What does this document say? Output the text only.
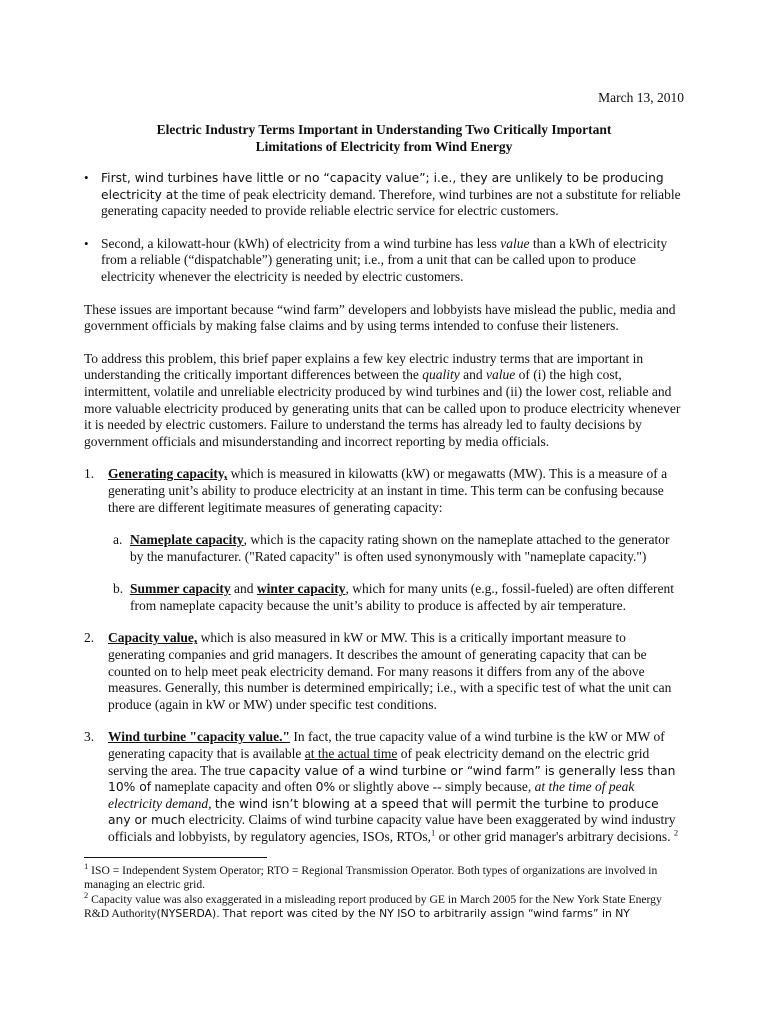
March 13, 2010
Electric Industry Terms Important in Understanding Two Critically Important
Limitations of Electricity from Wind Energy
• First, wind turbines have little or no “capacity value”; i.e., they are unlikely to be producing electricity at the time of peak electricity demand. Therefore, wind turbines are not a substitute for reliable generating capacity needed to provide reliable electric service for electric customers.
• Second, a kilowatt-hour (kWh) of electricity from a wind turbine has less value than a kWh of electricity from a reliable (“dispatchable”) generating unit; i.e., from a unit that can be called upon to produce electricity whenever the electricity is needed by electric customers.

These issues are important because “wind farm” developers and lobbyists have mislead the public, media and government officials by making false claims and by using terms intended to confuse their listeners.

To address this problem, this brief paper explains a few key electric industry terms that are important in understanding the critically important differences between the quality and value of (i) the high cost, intermittent, volatile and unreliable electricity produced by wind turbines and (ii) the lower cost, reliable and more valuable electricity produced by generating units that can be called upon to produce electricity whenever it is needed by electric customers. Failure to understand the terms has already led to faulty decisions by government officials and misunderstanding and incorrect reporting by media officials.

1. Generating capacity, which is measured in kilowatts (kW) or megawatts (MW). This is a measure of a generating unit’s ability to produce electricity at an instant in time. This term can be confusing because there are different legitimate measures of generating capacity:
a. Nameplate capacity, which is the capacity rating shown on the nameplate attached to the generator by the manufacturer. ("Rated capacity" is often used synonymously with "nameplate capacity.")
b. Summer capacity and winter capacity, which for many units (e.g., fossil-fueled) are often different from nameplate capacity because the unit’s ability to produce is affected by air temperature.
2. Capacity value, which is also measured in kW or MW. This is a critically important measure to generating companies and grid managers. It describes the amount of generating capacity that can be counted on to help meet peak electricity demand. For many reasons it differs from any of the above measures. Generally, this number is determined empirically; i.e., with a specific test of what the unit can produce (again in kW or MW) under specific test conditions.
3. Wind turbine "capacity value." In fact, the true capacity value of a wind turbine is the kW or MW of generating capacity that is available at the actual time of peak electricity demand on the electric grid serving the area. The true capacity value of a wind turbine or “wind farm” is generally less than 10% of nameplate capacity and often 0% or slightly above -- simply because, at the time of peak electricity demand, the wind isn’t blowing at a speed that will permit the turbine to produce any or much electricity. Claims of wind turbine capacity value have been exaggerated by wind industry officials and lobbyists, by regulatory agencies, ISOs, RTOs,$^1$ or other grid manager's arbitrary decisions. $^2$

$^1$ ISO = Independent System Operator; RTO = Regional Transmission Operator. Both types of organizations are involved in managing an electric grid.

$^2$ Capacity value was also exaggerated in a misleading report produced by GE in March 2005 for the New York State Energy R&D Authority(NYSERDA). That report was cited by the NY ISO to arbitrarily assign “wind farms” in NY
